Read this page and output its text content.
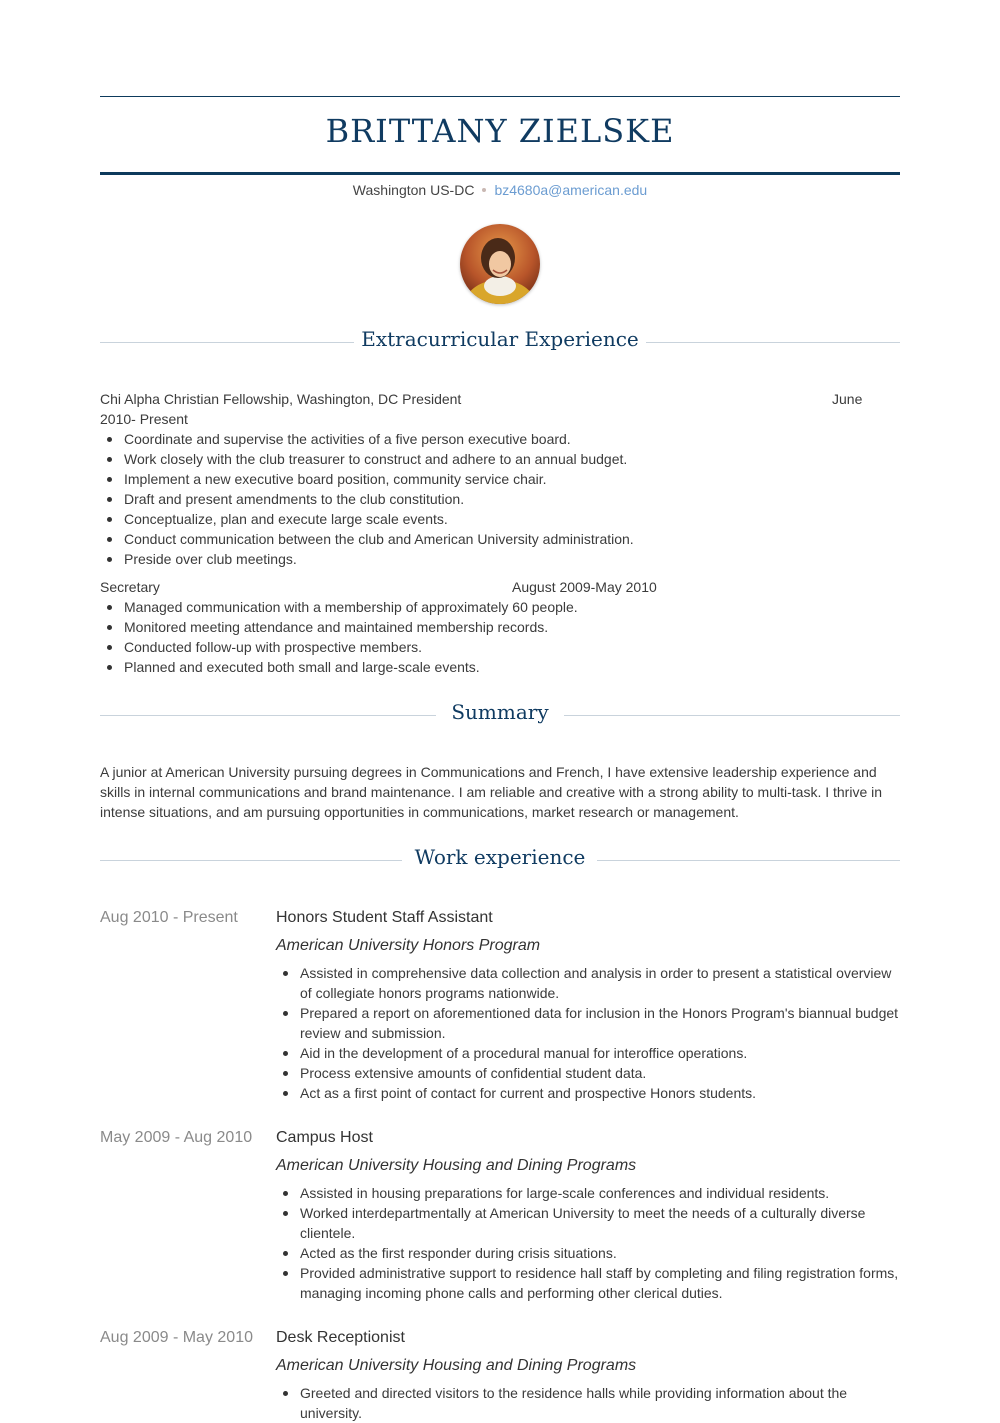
BRITTANY ZIELSKE
Washington US-DC bz4680a@american.edu
Extracurricular Experience
Chi Alpha Christian Fellowship, Washington, DC President	June
2010- Present
Coordinate and supervise the activities of a five person executive board.
Work closely with the club treasurer to construct and adhere to an annual budget.
Implement a new executive board position, community service chair.
Draft and present amendments to the club constitution.
Conceptualize, plan and execute large scale events.
Conduct communication between the club and American University administration.
Preside over club meetings.
Secretary	August 2009-May 2010
Managed communication with a membership of approximately 60 people.
Monitored meeting attendance and maintained membership records.
Conducted follow-up with prospective members.
Planned and executed both small and large-scale events.
Summary
A junior at American University pursuing degrees in Communications and French, I have extensive leadership experience and skills in internal communications and brand maintenance. I am reliable and creative with a strong ability to multi-task. I thrive in intense situations, and am pursuing opportunities in communications, market research or management.
Work experience
Aug 2010 - Present Honors Student Staff Assistant
American University Honors Program
Assisted in comprehensive data collection and analysis in order to present a statistical overview of collegiate honors programs nationwide.
Prepared a report on aforementioned data for inclusion in the Honors Program's biannual budget review and submission.
Aid in the development of a procedural manual for interoffice operations.
Process extensive amounts of confidential student data.
Act as a first point of contact for current and prospective Honors students.
May 2009 - Aug 2010 Campus Host
American University Housing and Dining Programs
Assisted in housing preparations for large-scale conferences and individual residents.
Worked interdepartmentally at American University to meet the needs of a culturally diverse clientele.
Acted as the first responder during crisis situations.
Provided administrative support to residence hall staff by completing and filing registration forms, managing incoming phone calls and performing other clerical duties.
Aug 2009 - May 2010 Desk Receptionist
American University Housing and Dining Programs
Greeted and directed visitors to the residence halls while providing information about the university.
